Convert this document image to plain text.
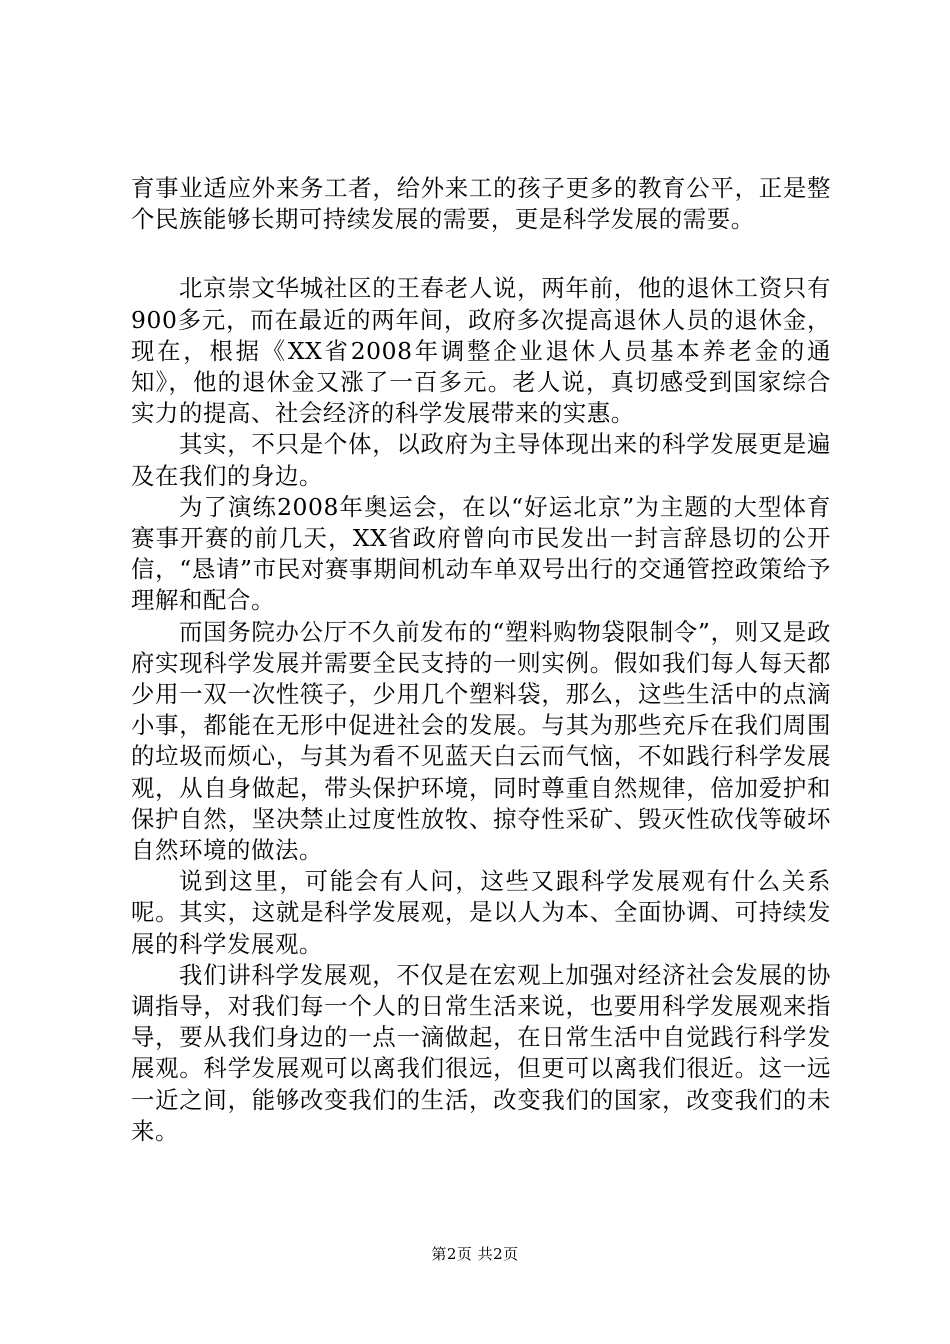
育事业适应外来务工者，给外来工的孩子更多的教育公平，正是整个民族能够长期可持续发展的需要，更是科学发展的需要。

北京崇文华城社区的王春老人说，两年前，他的退休工资只有900多元，而在最近的两年间，政府多次提高退休人员的退休金，现在，根据《XX省2008年调整企业退休人员基本养老金的通知》，他的退休金又涨了一百多元。老人说，真切感受到国家综合实力的提高、社会经济的科学发展带来的实惠。

其实，不只是个体，以政府为主导体现出来的科学发展更是遍及在我们的身边。

为了演练2008年奥运会，在以“好运北京”为主题的大型体育赛事开赛的前几天，XX省政府曾向市民发出一封言辞恳切的公开信，“恳请”市民对赛事期间机动车单双号出行的交通管控政策给予理解和配合。

而国务院办公厅不久前发布的“塑料购物袋限制令”，则又是政府实现科学发展并需要全民支持的一则实例。假如我们每人每天都少用一双一次性筷子，少用几个塑料袋，那么，这些生活中的点滴小事，都能在无形中促进社会的发展。与其为那些充斥在我们周围的垃圾而烦心，与其为看不见蓝天白云而气恼，不如践行科学发展观，从自身做起，带头保护环境，同时尊重自然规律，倍加爱护和保护自然，坚决禁止过度性放牧、掠夺性采矿、毁灭性砍伐等破坏自然环境的做法。

说到这里，可能会有人问，这些又跟科学发展观有什么关系呢。其实，这就是科学发展观，是以人为本、全面协调、可持续发展的科学发展观。

我们讲科学发展观，不仅是在宏观上加强对经济社会发展的协调指导，对我们每一个人的日常生活来说，也要用科学发展观来指导，要从我们身边的一点一滴做起，在日常生活中自觉践行科学发展观。科学发展观可以离我们很远，但更可以离我们很近。这一远一近之间，能够改变我们的生活，改变我们的国家，改变我们的未来。

第2页 共2页
